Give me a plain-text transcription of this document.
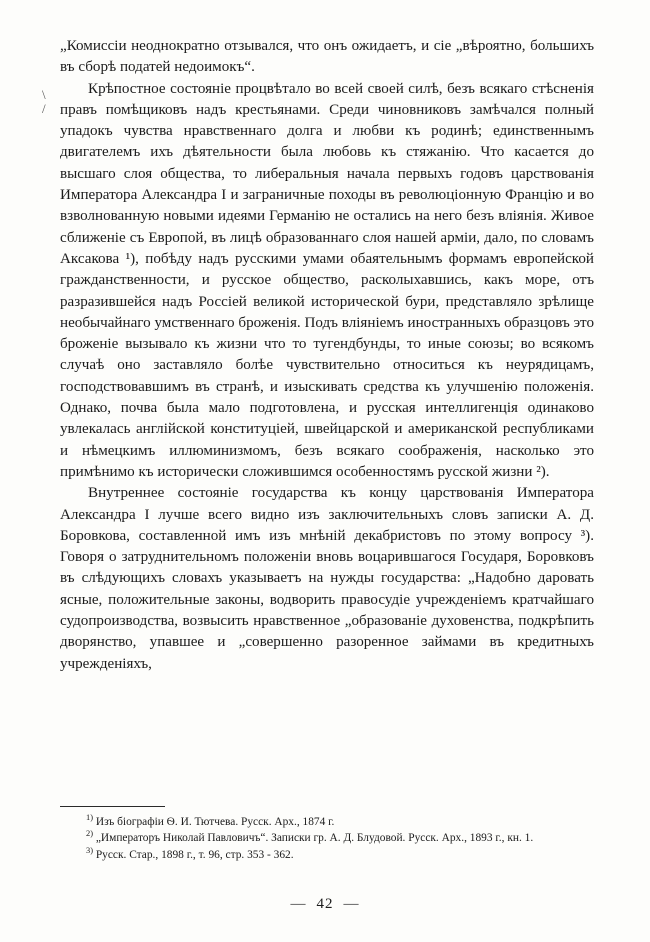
\
/

„Комиссіи неоднократно отзывался, что онъ ожидаетъ, и сіе „вѣроятно, большихъ въ сборѣ податей недоимокъ“.

Крѣпостное состояніе процвѣтало во всей своей силѣ, безъ всякаго стѣсненія правъ помѣщиковъ надъ крестьянами. Среди чиновниковъ замѣчался полный упадокъ чувства нравственнаго долга и любви къ родинѣ; единственнымъ двигателемъ ихъ дѣятельности была любовь къ стяжанію. Что касается до высшаго слоя общества, то либеральныя начала первыхъ годовъ царствованія Императора Александра I и заграничные походы въ революціонную Францію и во взволнованную новыми идеями Германію не остались на него безъ вліянія. Живое сближеніе съ Европой, въ лицѣ образованнаго слоя нашей арміи, дало, по словамъ Аксакова ¹), побѣду надъ русскими умами обаятельнымъ формамъ европейской гражданственности, и русское общество, расколыхавшись, какъ море, отъ разразившейся надъ Россіей великой исторической бури, представляло зрѣлище необычайнаго умственнаго броженія. Подъ вліяніемъ иностранныхъ образцовъ это броженіе вызывало къ жизни что то тугендбунды, то иные союзы; во всякомъ случаѣ оно заставляло болѣе чувствительно относиться къ неурядицамъ, господствовавшимъ въ странѣ, и изыскивать средства къ улучшенію положенія. Однако, почва была мало подготовлена, и русская интеллигенція одинаково увлекалась англійской конституціей, швейцарской и американской республиками и нѣмецкимъ иллюминизмомъ, безъ всякаго соображенія, насколько это примѣнимо къ исторически сложившимся особенностямъ русской жизни ²).

Внутреннее состояніе государства къ концу царствованія Императора Александра I лучше всего видно изъ заключительныхъ словъ записки А. Д. Боровкова, составленной имъ изъ мнѣній декабристовъ по этому вопросу ³). Говоря о затруднительномъ положеніи вновь воцарившагося Государя, Боровковъ въ слѣдующихъ словахъ указываетъ на нужды государства: „Надобно даровать ясные, положительные законы, водворить правосудіе учрежденіемъ кратчайшаго судопроизводства, возвысить нравственное „образованіе духовенства, подкрѣпить дворянство, упавшее и „совершенно разоренное займами въ кредитныхъ учрежденіяхъ,

$^{1)}$ Изъ біографіи Ѳ. И. Тютчева. Русск. Арх., 1874 г.

$^{2)}$ „Императоръ Николай Павловичъ“. Записки гр. А. Д. Блудовой. Русск. Арх., 1893 г., кн. 1.

$^{3)}$ Русск. Стар., 1898 г., т. 96, стр. 353 - 362.

— 42 —
